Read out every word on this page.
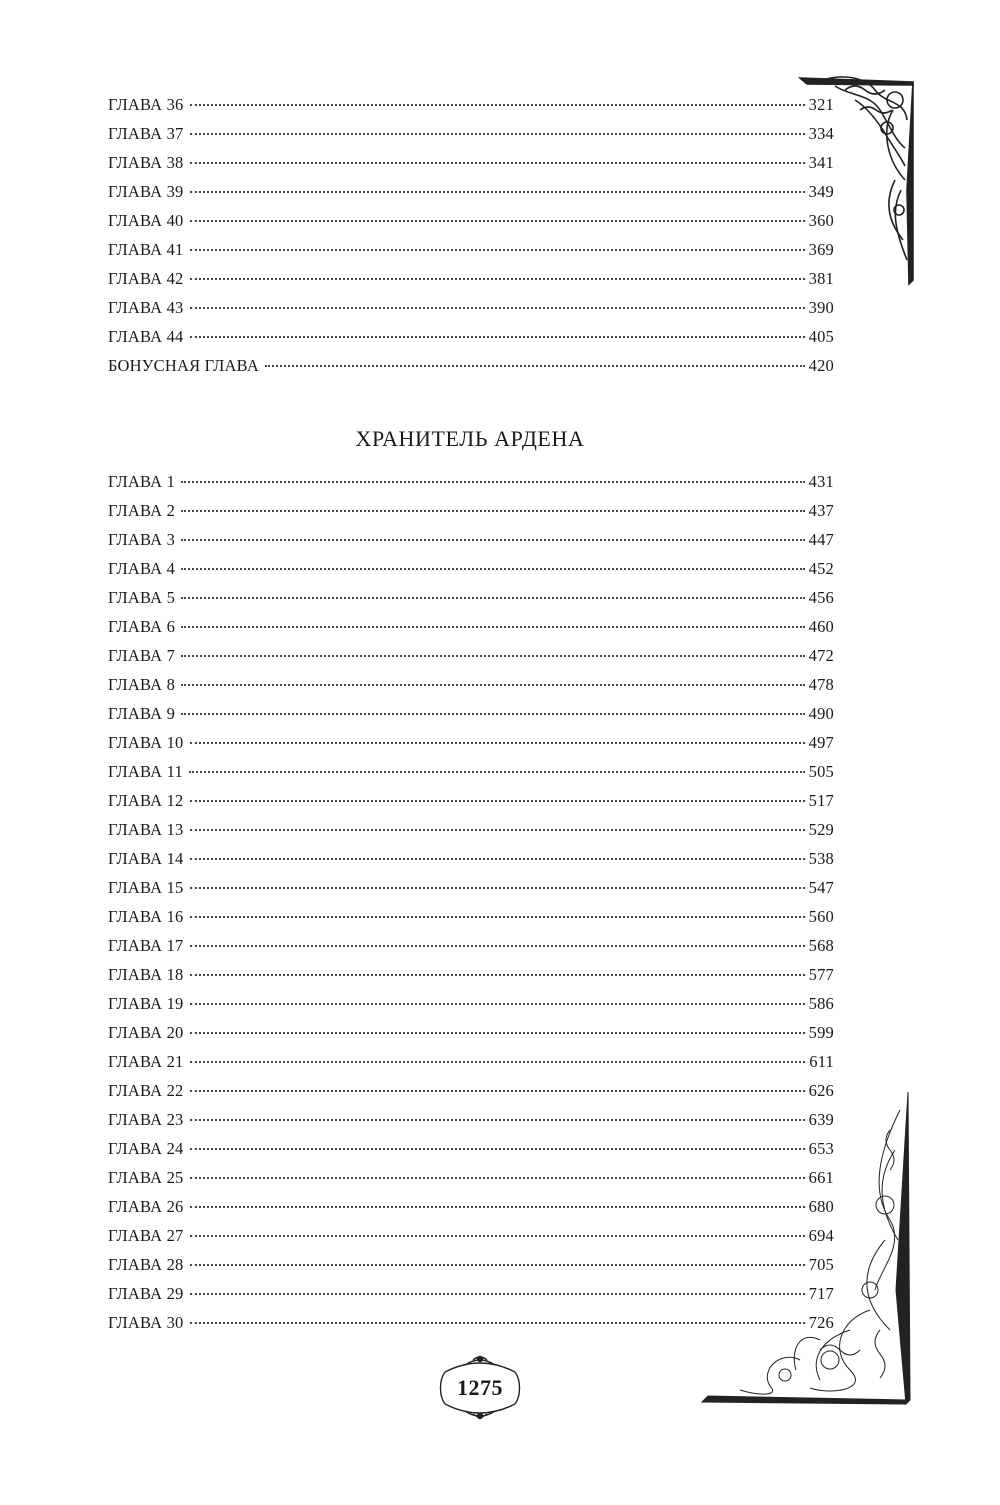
ГЛАВА 36	321
ГЛАВА 37	334
ГЛАВА 38	341
ГЛАВА 39	349
ГЛАВА 40	360
ГЛАВА 41	369
ГЛАВА 42	381
ГЛАВА 43	390
ГЛАВА 44	405
БОНУСНАЯ ГЛАВА	420
ХРАНИТЕЛЬ АРДЕНА
ГЛАВА 1	431
ГЛАВА 2	437
ГЛАВА 3	447
ГЛАВА 4	452
ГЛАВА 5	456
ГЛАВА 6	460
ГЛАВА 7	472
ГЛАВА 8	478
ГЛАВА 9	490
ГЛАВА 10	497
ГЛАВА 11	505
ГЛАВА 12	517
ГЛАВА 13	529
ГЛАВА 14	538
ГЛАВА 15	547
ГЛАВА 16	560
ГЛАВА 17	568
ГЛАВА 18	577
ГЛАВА 19	586
ГЛАВА 20	599
ГЛАВА 21	611
ГЛАВА 22	626
ГЛАВА 23	639
ГЛАВА 24	653
ГЛАВА 25	661
ГЛАВА 26	680
ГЛАВА 27	694
ГЛАВА 28	705
ГЛАВА 29	717
ГЛАВА 30	726
1275
